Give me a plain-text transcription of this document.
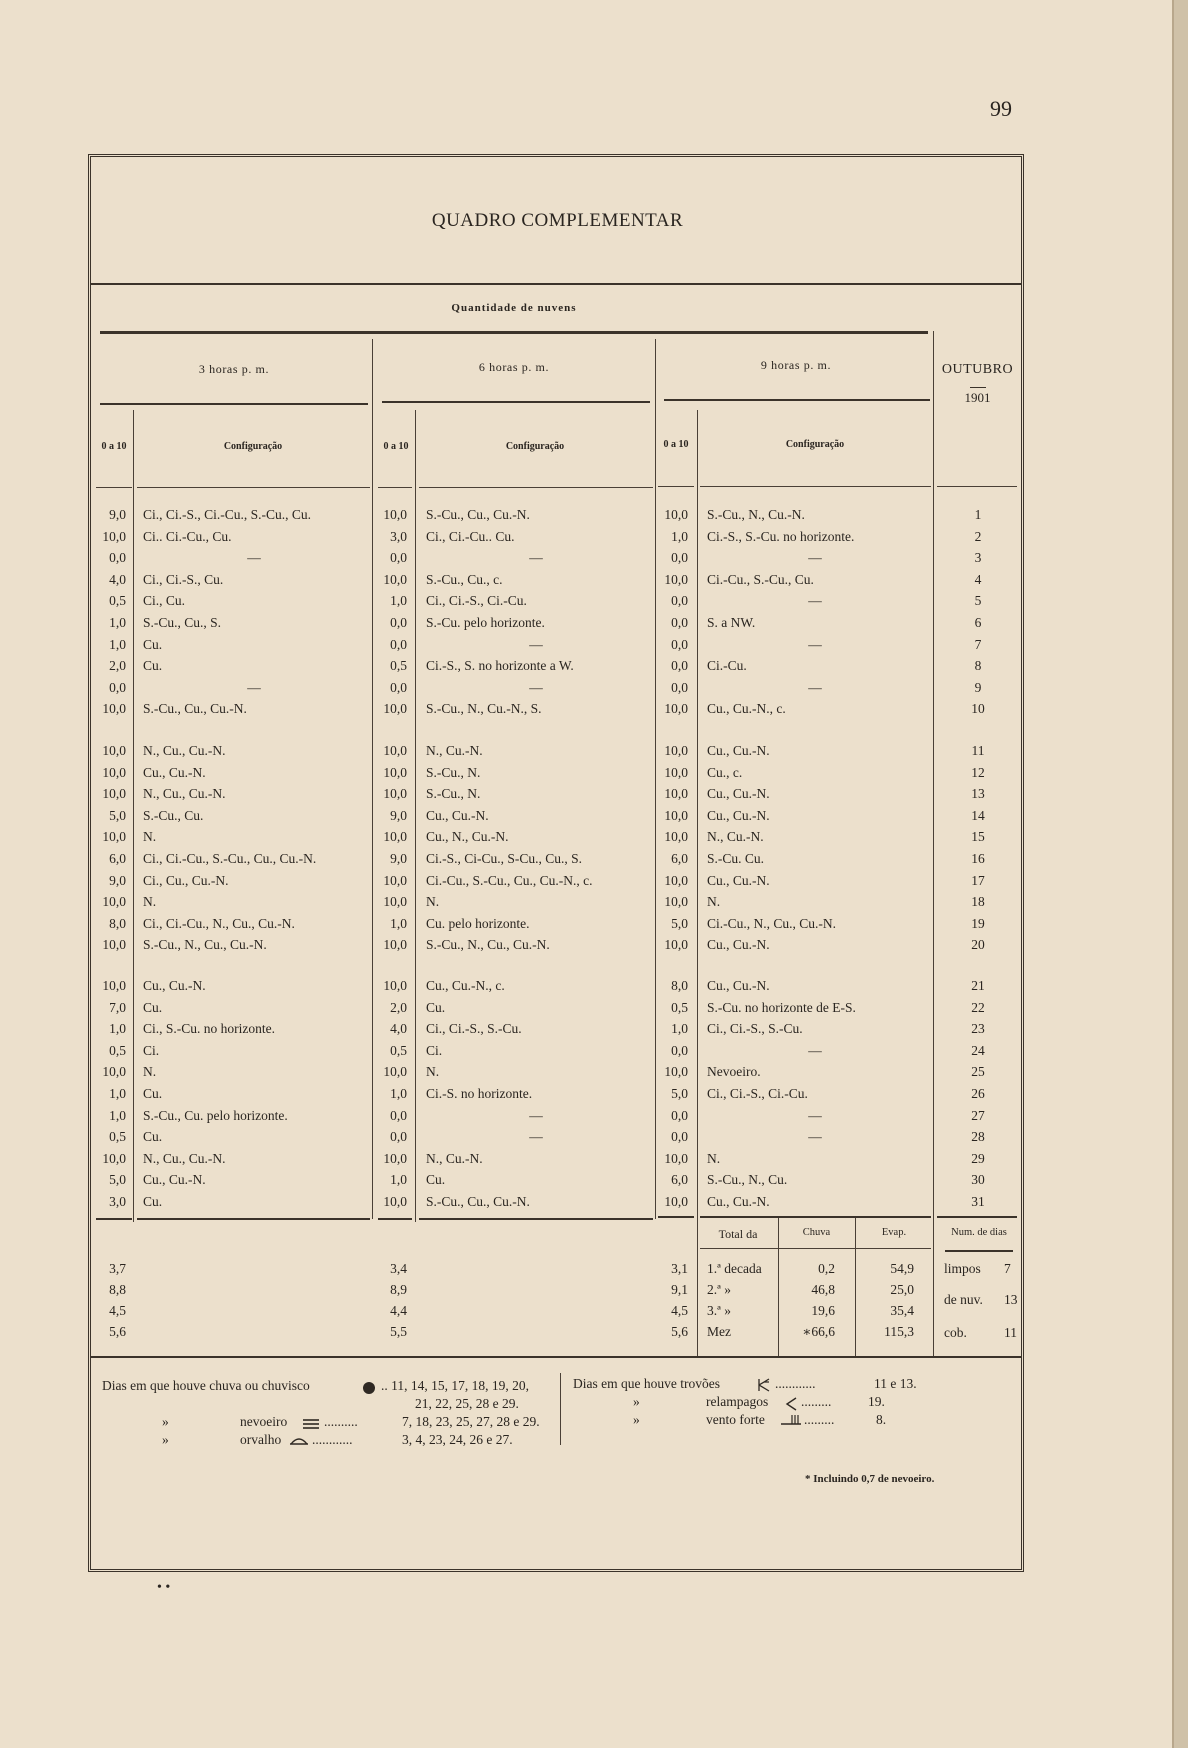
99
QUADRO COMPLEMENTAR
Quantidade de nuvens
3 horas p. m.	6 horas p. m.	9 horas p. m.	OUTUBRO
1901
0 a 10	Configuração	0 a 10	Configuração	0 a 10	Configuração
9,0 Ci., Ci.-S., Ci.-Cu., S.-Cu., Cu.	10,0 S.-Cu., Cu., Cu.-N.	10,0 S.-Cu., N., Cu.-N.	1
10,0 Ci.. Ci.-Cu., Cu.	3,0 Ci., Ci.-Cu.. Cu.	1,0 Ci.-S., S.-Cu. no horizonte.	2
0,0	—	0,0	—	0,0	—	3
4,0 Ci., Ci.-S., Cu.	10,0 S.-Cu., Cu., c.	10,0 Ci.-Cu., S.-Cu., Cu.	4
0,5 Ci., Cu.	1,0 Ci., Ci.-S., Ci.-Cu.	0,0	—	5
1,0 S.-Cu., Cu., S.	0,0 S.-Cu. pelo horizonte.	0,0 S. a NW.	6
1,0 Cu.	0,0	—	0,0	—	7
2,0 Cu.	0,5 Ci.-S., S. no horizonte a W.	0,0 Ci.-Cu.	8
0,0	—	0,0	—	0,0	—	9
10,0 S.-Cu., Cu., Cu.-N.	10,0 S.-Cu., N., Cu.-N., S.	10,0 Cu., Cu.-N., c.	10
10,0 N., Cu., Cu.-N.	10,0 N., Cu.-N.	10,0 Cu., Cu.-N.	11
10,0 Cu., Cu.-N.	10,0 S.-Cu., N.	10,0 Cu., c.	12
10,0 N., Cu., Cu.-N.	10,0 S.-Cu., N.	10,0 Cu., Cu.-N.	13
5,0 S.-Cu., Cu.	9,0 Cu., Cu.-N.	10,0 Cu., Cu.-N.	14
10,0 N.	10,0 Cu., N., Cu.-N.	10,0 N., Cu.-N.	15
6,0 Ci., Ci.-Cu., S.-Cu., Cu., Cu.-N.	9,0 Ci.-S., Ci-Cu., S-Cu., Cu., S.	6,0 S.-Cu. Cu.	16
9,0 Ci., Cu., Cu.-N.	10,0 Ci.-Cu., S.-Cu., Cu., Cu.-N., c.	10,0 Cu., Cu.-N.	17
10,0 N.	10,0 N.	10,0 N.	18
8,0 Ci., Ci.-Cu., N., Cu., Cu.-N.	1,0 Cu. pelo horizonte.	5,0 Ci.-Cu., N., Cu., Cu.-N.	19
10,0 S.-Cu., N., Cu., Cu.-N.	10,0 S.-Cu., N., Cu., Cu.-N.	10,0 Cu., Cu.-N.	20
10,0 Cu., Cu.-N.	10,0 Cu., Cu.-N., c.	8,0 Cu., Cu.-N.	21
7,0 Cu.	2,0 Cu.	0,5 S.-Cu. no horizonte de E-S.	22
1,0 Ci., S.-Cu. no horizonte.	4,0 Ci., Ci.-S., S.-Cu.	1,0 Ci., Ci.-S., S.-Cu.	23
0,5 Ci.	0,5 Ci.	0,0	—	24
10,0 N.	10,0 N.	10,0 Nevoeiro.	25
1,0 Cu.	1,0 Ci.-S. no horizonte.	5,0 Ci., Ci.-S., Ci.-Cu.	26
1,0 S.-Cu., Cu. pelo horizonte.	0,0	—	0,0	—	27
0,5 Cu.	0,0	—	0,0	—	28
10,0 N., Cu., Cu.-N.	10,0 N., Cu.-N.	10,0 N.	29
5,0 Cu., Cu.-N.	1,0 Cu.	6,0 S.-Cu., N., Cu.	30
3,0 Cu.	10,0 S.-Cu., Cu., Cu.-N.	10,0 Cu., Cu.-N.	31
Total da	Chuva	Evap.	Num. de dias
3,7	3,4	3,1 1.ª decada	0,2	54,9
8,8	8,9	9,1 2.ª »	46,8	25,0
4,5	4,4	4,5 3.ª »	19,6	35,4
5,6	5,5	5,6 Mez	∗66,6	115,3
limpos 7
de nuv. 13
cob.	11
Dias em que houve chuva ou chuvisco	.. 11, 14, 15, 17, 18, 19, 20,
21, 22, 25, 28 e 29.
»	nevoeiro	..........	7, 18, 23, 25, 27, 28 e 29.
»	orvalho ............	3, 4, 23, 24, 26 e 27.
Dias em que houve trovões	............	11 e 13.
»	relampagos .........	19.
»	vento forte	.........	8.
* Incluindo 0,7 de nevoeiro.
• •
